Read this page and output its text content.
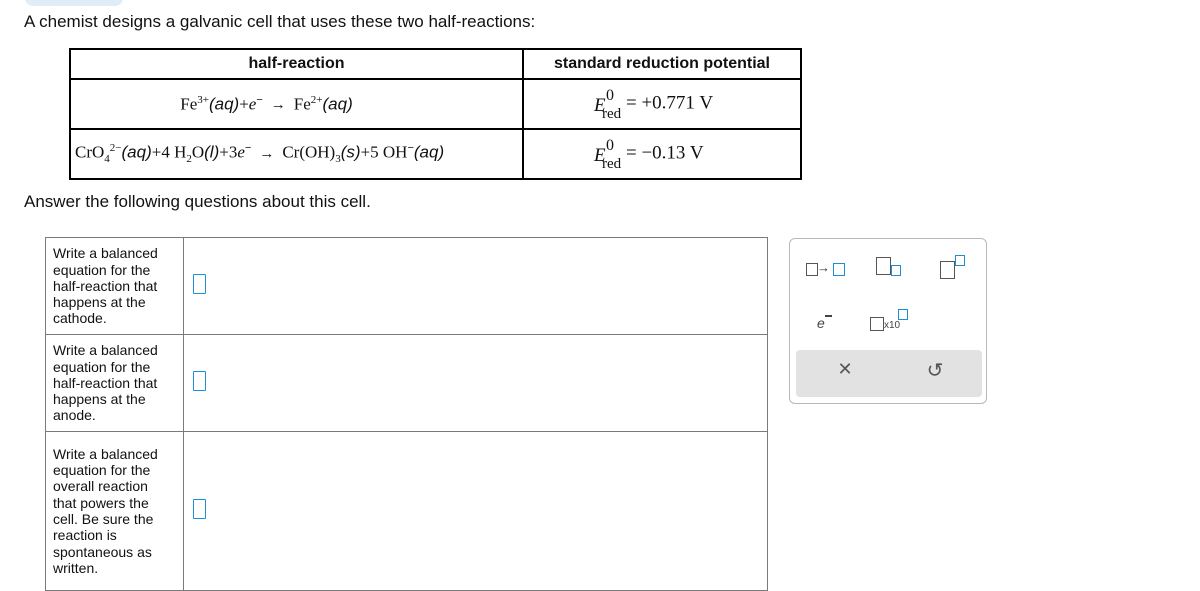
A chemist designs a galvanic cell that uses these two half-reactions:
half-reaction	standard reduction potential
$Fe^{3+}(aq)+e^- \to Fe^{2+}(aq)$	E 0
red
= +0.771 V
CrO$_4^{2-}$(aq)+4 $H_2O(l)+3e^- \to Cr(OH)_3(s)+5$ OH−(aq)	E 0
red
= −0.13 V
Answer the following questions about this cell.
Write a balanced equation for the half-reaction that happens at the cathode.	
Write a balanced equation for the half-reaction that happens at the anode.	
Write a balanced equation for the overall reaction that powers the cell. Be sure the reaction is spontaneous as written.	
→
e	x10
✕	↺
